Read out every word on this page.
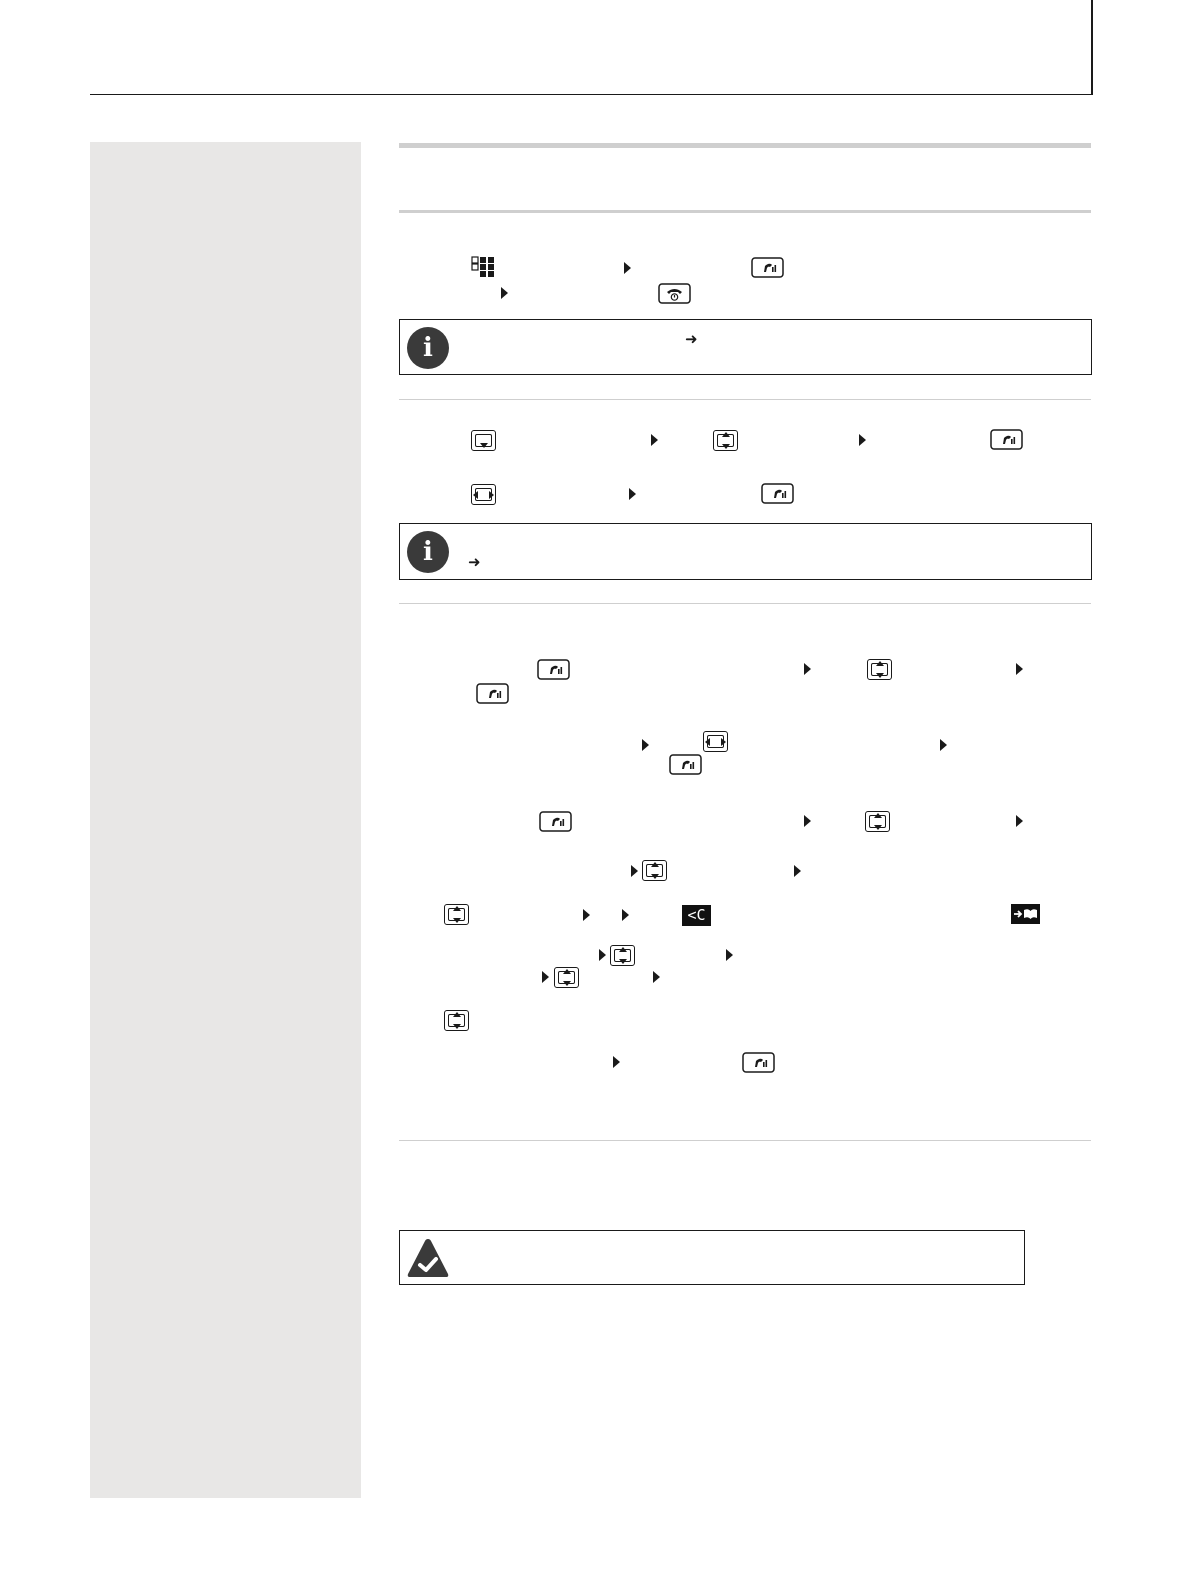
i	➜
i	➜
<C
